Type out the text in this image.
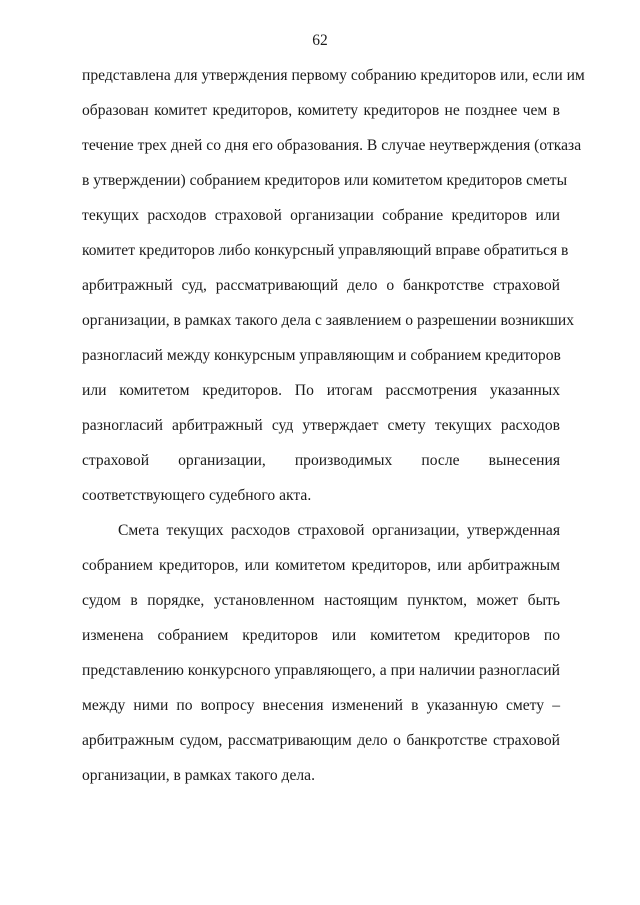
62
представлена для утверждения первому собранию кредиторов или, если им
образован комитет кредиторов, комитету кредиторов не позднее чем в
течение трех дней со дня его образования. В случае неутверждения (отказа
в утверждении) собранием кредиторов или комитетом кредиторов сметы
текущих расходов страховой организации собрание кредиторов или
комитет кредиторов либо конкурсный управляющий вправе обратиться в
арбитражный суд, рассматривающий дело о банкротстве страховой
организации, в рамках такого дела с заявлением о разрешении возникших
разногласий между конкурсным управляющим и собранием кредиторов
или комитетом кредиторов. По итогам рассмотрения указанных
разногласий арбитражный суд утверждает смету текущих расходов
страховой организации, производимых после вынесения
соответствующего судебного акта.
Смета текущих расходов страховой организации, утвержденная
собранием кредиторов, или комитетом кредиторов, или арбитражным
судом в порядке, установленном настоящим пунктом, может быть
изменена собранием кредиторов или комитетом кредиторов по
представлению конкурсного управляющего, а при наличии разногласий
между ними по вопросу внесения изменений в указанную смету –
арбитражным судом, рассматривающим дело о банкротстве страховой
организации, в рамках такого дела.
